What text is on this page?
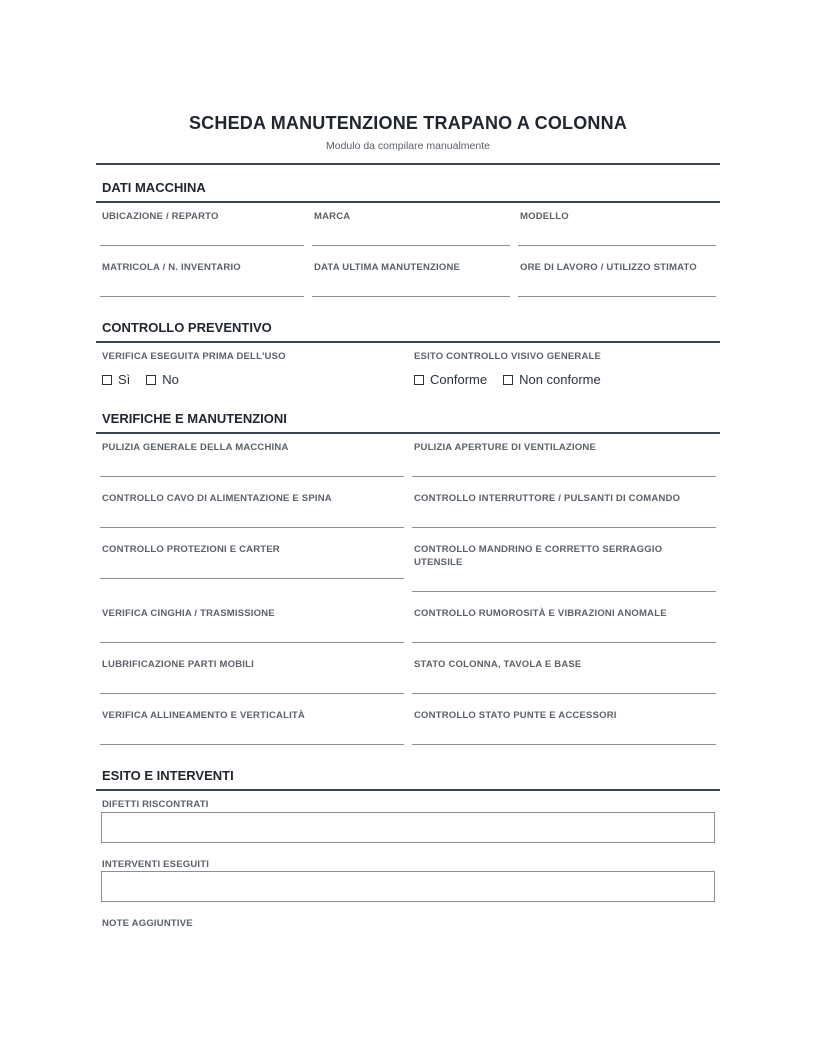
SCHEDA MANUTENZIONE TRAPANO A COLONNA
Modulo da compilare manualmente
DATI MACCHINA
UBICAZIONE / REPARTO	MARCA	MODELLO
MATRICOLA / N. INVENTARIO	DATA ULTIMA MANUTENZIONE	ORE DI LAVORO / UTILIZZO STIMATO
CONTROLLO PREVENTIVO
VERIFICA ESEGUITA PRIMA DELL'USO
Sì No
ESITO CONTROLLO VISIVO GENERALE
Conforme Non conforme
VERIFICHE E MANUTENZIONI
PULIZIA GENERALE DELLA MACCHINA	PULIZIA APERTURE DI VENTILAZIONE
CONTROLLO CAVO DI ALIMENTAZIONE E SPINA	CONTROLLO INTERRUTTORE / PULSANTI DI COMANDO
CONTROLLO PROTEZIONI E CARTER	CONTROLLO MANDRINO E CORRETTO SERRAGGIO UTENSILE
VERIFICA CINGHIA / TRASMISSIONE	CONTROLLO RUMOROSITÀ E VIBRAZIONI ANOMALE
LUBRIFICAZIONE PARTI MOBILI	STATO COLONNA, TAVOLA E BASE
VERIFICA ALLINEAMENTO E VERTICALITÀ	CONTROLLO STATO PUNTE E ACCESSORI
ESITO E INTERVENTI
DIFETTI RISCONTRATI
INTERVENTI ESEGUITI
NOTE AGGIUNTIVE
